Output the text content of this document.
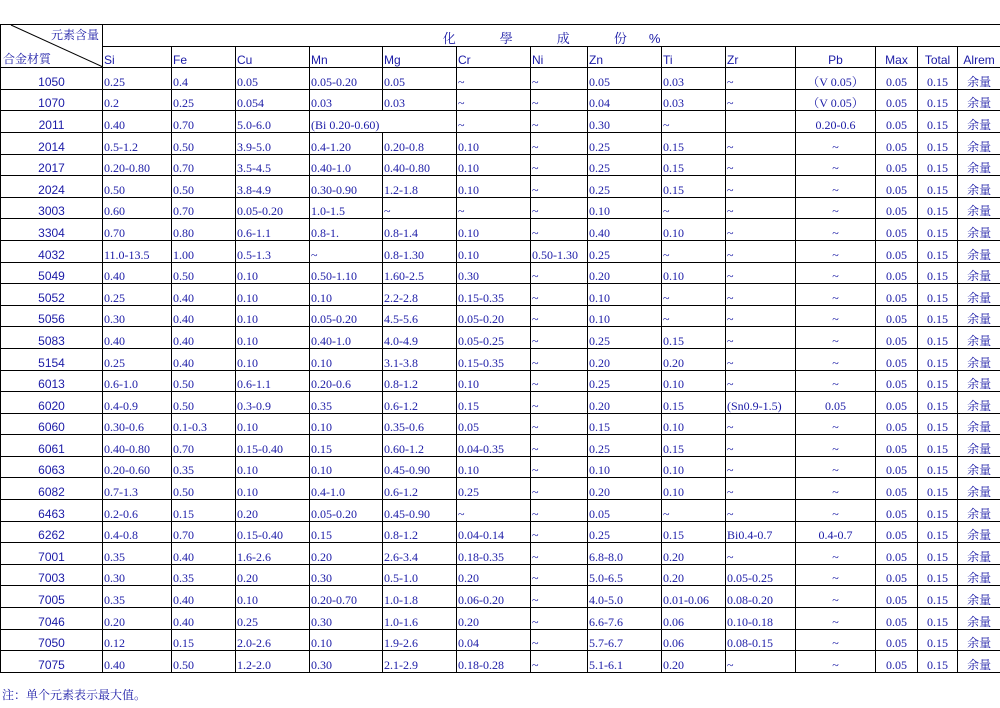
元素含量
合金材質	化 學 成 份 %													
	Si	Fe	Cu	Mn	Mg	Cr	Ni	Zn	Ti	Zr	Pb	Max	Total	Alrem
1050	0.25	0.4	0.05	0.05-0.20	0.05	~	~	0.05	0.03	~	（V 0.05）	0.05	0.15	余量
1070	0.2	0.25	0.054	0.03	0.03	~	~	0.04	0.03	~	（V 0.05）	0.05	0.15	余量
2011	0.40	0.70	5.0-6.0	(Bi 0.20-0.60)		~	~	0.30	~		0.20-0.6	0.05	0.15	余量
2014	0.5-1.2	0.50	3.9-5.0	0.4-1.20	0.20-0.8	0.10	~	0.25	0.15	~	~	0.05	0.15	余量
2017	0.20-0.80	0.70	3.5-4.5	0.40-1.0	0.40-0.80	0.10	~	0.25	0.15	~	~	0.05	0.15	余量
2024	0.50	0.50	3.8-4.9	0.30-0.90	1.2-1.8	0.10	~	0.25	0.15	~	~	0.05	0.15	余量
3003	0.60	0.70	0.05-0.20	1.0-1.5	~	~	~	0.10	~	~	~	0.05	0.15	余量
3304	0.70	0.80	0.6-1.1	0.8-1.	0.8-1.4	0.10	~	0.40	0.10	~	~	0.05	0.15	余量
4032	11.0-13.5	1.00	0.5-1.3	~	0.8-1.30	0.10	0.50-1.30	0.25	~	~	~	0.05	0.15	余量
5049	0.40	0.50	0.10	0.50-1.10	1.60-2.5	0.30	~	0.20	0.10	~	~	0.05	0.15	余量
5052	0.25	0.40	0.10	0.10	2.2-2.8	0.15-0.35	~	0.10	~	~	~	0.05	0.15	余量
5056	0.30	0.40	0.10	0.05-0.20	4.5-5.6	0.05-0.20	~	0.10	~	~	~	0.05	0.15	余量
5083	0.40	0.40	0.10	0.40-1.0	4.0-4.9	0.05-0.25	~	0.25	0.15	~	~	0.05	0.15	余量
5154	0.25	0.40	0.10	0.10	3.1-3.8	0.15-0.35	~	0.20	0.20	~	~	0.05	0.15	余量
6013	0.6-1.0	0.50	0.6-1.1	0.20-0.6	0.8-1.2	0.10	~	0.25	0.10	~	~	0.05	0.15	余量
6020	0.4-0.9	0.50	0.3-0.9	0.35	0.6-1.2	0.15	~	0.20	0.15	(Sn0.9-1.5)	0.05	0.05	0.15	余量
6060	0.30-0.6	0.1-0.3	0.10	0.10	0.35-0.6	0.05	~	0.15	0.10	~	~	0.05	0.15	余量
6061	0.40-0.80	0.70	0.15-0.40	0.15	0.60-1.2	0.04-0.35	~	0.25	0.15	~	~	0.05	0.15	余量
6063	0.20-0.60	0.35	0.10	0.10	0.45-0.90	0.10	~	0.10	0.10	~	~	0.05	0.15	余量
6082	0.7-1.3	0.50	0.10	0.4-1.0	0.6-1.2	0.25	~	0.20	0.10	~	~	0.05	0.15	余量
6463	0.2-0.6	0.15	0.20	0.05-0.20	0.45-0.90	~	~	0.05	~	~	~	0.05	0.15	余量
6262	0.4-0.8	0.70	0.15-0.40	0.15	0.8-1.2	0.04-0.14	~	0.25	0.15	Bi0.4-0.7	0.4-0.7	0.05	0.15	余量
7001	0.35	0.40	1.6-2.6	0.20	2.6-3.4	0.18-0.35	~	6.8-8.0	0.20	~	~	0.05	0.15	余量
7003	0.30	0.35	0.20	0.30	0.5-1.0	0.20	~	5.0-6.5	0.20	0.05-0.25	~	0.05	0.15	余量
7005	0.35	0.40	0.10	0.20-0.70	1.0-1.8	0.06-0.20	~	4.0-5.0	0.01-0.06	0.08-0.20	~	0.05	0.15	余量
7046	0.20	0.40	0.25	0.30	1.0-1.6	0.20	~	6.6-7.6	0.06	0.10-0.18	~	0.05	0.15	余量
7050	0.12	0.15	2.0-2.6	0.10	1.9-2.6	0.04	~	5.7-6.7	0.06	0.08-0.15	~	0.05	0.15	余量
7075	0.40	0.50	1.2-2.0	0.30	2.1-2.9	0.18-0.28	~	5.1-6.1	0.20	~	~	0.05	0.15	余量
注：单个元素表示最大值。
